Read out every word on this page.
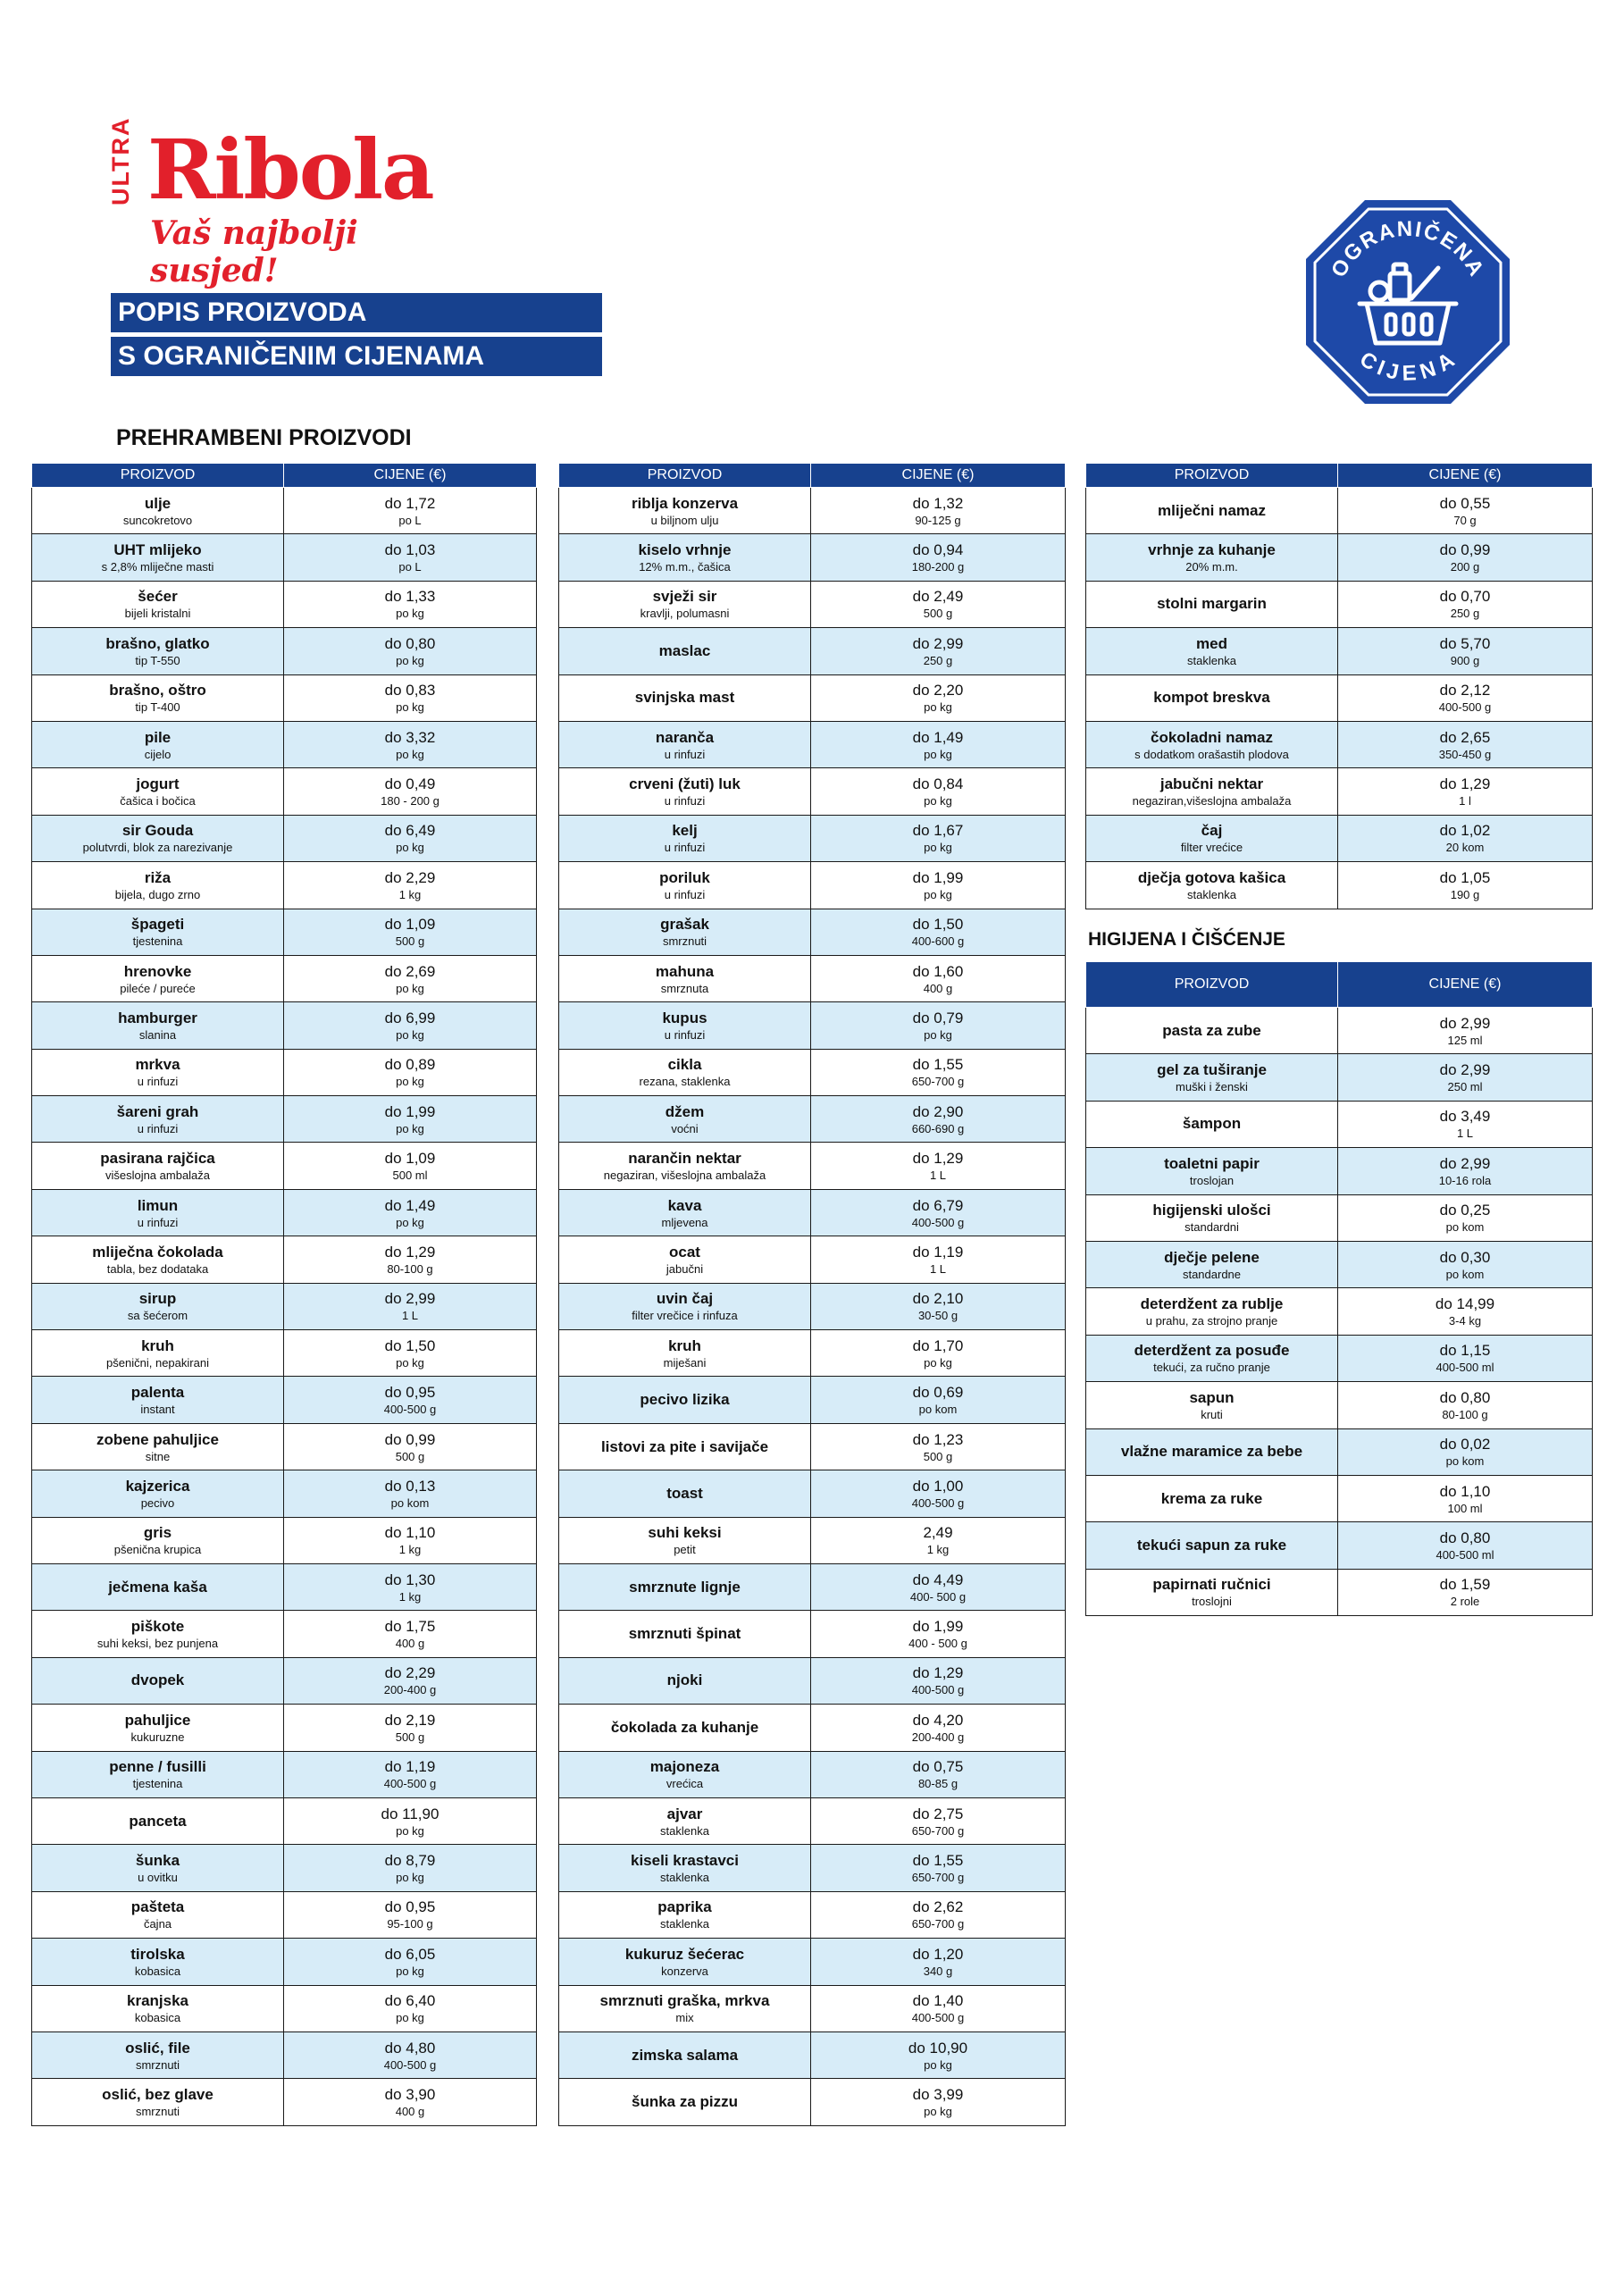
ULTRA Ribola
Vaš najbolji susjed!
POPIS PROIZVODA
S OGRANIČENIM CIJENAMA
OGRANIČENA
CIJENA
PREHRAMBENI PROIZVODI
HIGIJENA I ČIŠĆENJE
PROIZVOD	CIJENE (€)

ulje
suncokretovo	do 1,72
po L

UHT mlijeko
s 2,8% mliječne masti	do 1,03
po L

šećer
bijeli kristalni	do 1,33
po kg

brašno, glatko
tip T-550	do 0,80
po kg

brašno, oštro
tip T-400	do 0,83
po kg

pile
cijelo	do 3,32
po kg

jogurt
čašica i bočica	do 0,49
180 - 200 g

sir Gouda
polutvrdi, blok za narezivanje	do 6,49
po kg

riža
bijela, dugo zrno	do 2,29
1 kg

špageti
tjestenina	do 1,09
500 g

hrenovke
pileće / pureće	do 2,69
po kg

hamburger
slanina	do 6,99
po kg

mrkva
u rinfuzi	do 0,89
po kg

šareni grah
u rinfuzi	do 1,99
po kg

pasirana rajčica
višeslojna ambalaža	do 1,09
500 ml

limun
u rinfuzi	do 1,49
po kg

mliječna čokolada
tabla, bez dodataka	do 1,29
80-100 g

sirup
sa šećerom	do 2,99
1 L

kruh
pšenični, nepakirani	do 1,50
po kg

palenta
instant	do 0,95
400-500 g

zobene pahuljice
sitne	do 0,99
500 g

kajzerica
pecivo	do 0,13
po kom

gris
pšenična krupica	do 1,10
1 kg

ječmena kaša	do 1,30
1 kg

piškote
suhi keksi, bez punjena	do 1,75
400 g

dvopek	do 2,29
200-400 g

pahuljice
kukuruzne	do 2,19
500 g

penne / fusilli
tjestenina	do 1,19
400-500 g

panceta	do 11,90
po kg

šunka
u ovitku	do 8,79
po kg

pašteta
čajna	do 0,95
95-100 g

tirolska
kobasica	do 6,05
po kg

kranjska
kobasica	do 6,40
po kg

oslić, file
smrznuti	do 4,80
400-500 g

oslić, bez glave
smrznuti	do 3,90
400 g
PROIZVOD	CIJENE (€)

riblja konzerva
u biljnom ulju	do 1,32
90-125 g

kiselo vrhnje
12% m.m., čašica	do 0,94
180-200 g

svježi sir
kravlji, polumasni	do 2,49
500 g

maslac	do 2,99
250 g

svinjska mast	do 2,20
po kg

naranča
u rinfuzi	do 1,49
po kg

crveni (žuti) luk
u rinfuzi	do 0,84
po kg

kelj
u rinfuzi	do 1,67
po kg

poriluk
u rinfuzi	do 1,99
po kg

grašak
smrznuti	do 1,50
400-600 g

mahuna
smrznuta	do 1,60
400 g

kupus
u rinfuzi	do 0,79
po kg

cikla
rezana, staklenka	do 1,55
650-700 g

džem
voćni	do 2,90
660-690 g

narančin nektar
negaziran, višeslojna ambalaža	do 1,29
1 L

kava
mljevena	do 6,79
400-500 g

ocat
jabučni	do 1,19
1 L

uvin čaj
filter vrečice i rinfuza	do 2,10
30-50 g

kruh
miješani	do 1,70
po kg

pecivo lizika	do 0,69
po kom

listovi za pite i savijače	do 1,23
500 g

toast	do 1,00
400-500 g

suhi keksi
petit	2,49
1 kg

smrznute lignje	do 4,49
400- 500 g

smrznuti špinat	do 1,99
400 - 500 g

njoki	do 1,29
400-500 g

čokolada za kuhanje	do 4,20
200-400 g

majoneza
vrećica	do 0,75
80-85 g

ajvar
staklenka	do 2,75
650-700 g

kiseli krastavci
staklenka	do 1,55
650-700 g

paprika
staklenka	do 2,62
650-700 g

kukuruz šećerac
konzerva	do 1,20
340 g

smrznuti graška, mrkva
mix	do 1,40
400-500 g

zimska salama	do 10,90
po kg

šunka za pizzu	do 3,99
po kg
PROIZVOD	CIJENE (€)

mliječni namaz	do 0,55
70 g

vrhnje za kuhanje
20% m.m.	do 0,99
200 g

stolni margarin	do 0,70
250 g

med
staklenka	do 5,70
900 g

kompot breskva	do 2,12
400-500 g

čokoladni namaz
s dodatkom orašastih plodova	do 2,65
350-450 g

jabučni nektar
negaziran,višeslojna ambalaža	do 1,29
1 l

čaj
filter vrećice	do 1,02
20 kom

dječja gotova kašica
staklenka	do 1,05
190 g
PROIZVOD	CIJENE (€)

pasta za zube	do 2,99
125 ml

gel za tuširanje
muški i ženski	do 2,99
250 ml

šampon	do 3,49
1 L

toaletni papir
troslojan	do 2,99
10-16 rola

higijenski ulošci
standardni	do 0,25
po kom

dječje pelene
standardne	do 0,30
po kom

deterdžent za rublje
u prahu, za strojno pranje	do 14,99
3-4 kg

deterdžent za posuđe
tekući, za ručno pranje	do 1,15
400-500 ml

sapun
kruti	do 0,80
80-100 g

vlažne maramice za bebe	do 0,02
po kom

krema za ruke	do 1,10
100 ml

tekući sapun za ruke	do 0,80
400-500 ml

papirnati ručnici
troslojni	do 1,59
2 role
